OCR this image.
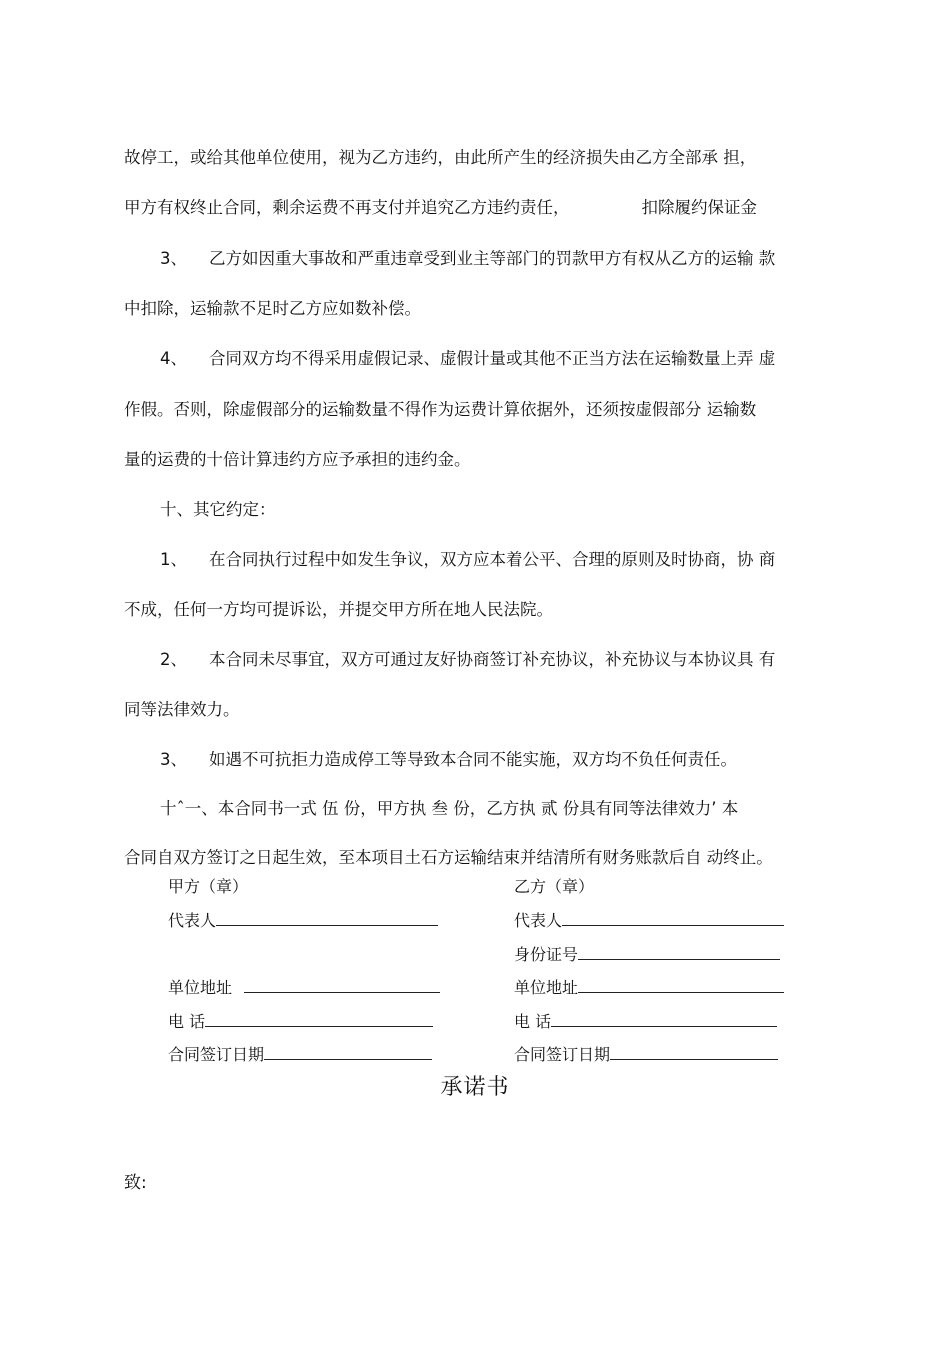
故停工，或给其他单位使用，视为乙方违约，由此所产生的经济损失由乙方全部承 担，
甲方有权终止合同，剩余运费不再支付并追究乙方违约责任，	扣除履约保证金
3、 乙方如因重大事故和严重违章受到业主等部门的罚款甲方有权从乙方的运输 款
中扣除，运输款不足时乙方应如数补偿。
4、 合同双方均不得采用虚假记录、虚假计量或其他不正当方法在运输数量上弄 虚
作假。否则，除虚假部分的运输数量不得作为运费计算依据外，还须按虚假部分 运输数
量的运费的十倍计算违约方应予承担的违约金。
十、其它约定：
1、 在合同执行过程中如发生争议，双方应本着公平、合理的原则及时协商，协 商
不成，任何一方均可提诉讼，并提交甲方所在地人民法院。
2、 本合同未尽事宜，双方可通过友好协商签订补充协议，补充协议与本协议具 有
同等法律效力。
3、 如遇不可抗拒力造成停工等导致本合同不能实施，双方均不负任何责任。
十ˆ一、本合同书一式 伍 份，甲方执 叁 份，乙方执 贰 份具有同等法律效力’ 本
合同自双方签订之日起生效，至本项目土石方运输结束并结清所有财务账款后自 动终止。
甲方（章）
代表人
单位地址
电 话
合同签订日期
乙方（章）
代表人
身份证号
单位地址
电 话
合同签订日期
承诺书
致:
